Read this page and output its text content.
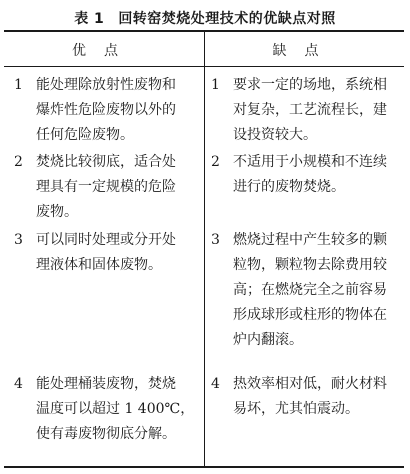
表 1 回转窑焚烧处理技术的优缺点对照
优点	缺点
1 能处理除放射性废物和
爆炸性危险废物以外的
任何危险废物。
1 要求一定的场地，系统相
对复杂，工艺流程长，建
设投资较大。
2 焚烧比较彻底，适合处
理具有一定规模的危险
废物。
2 不适用于小规模和不连续
进行的废物焚烧。
3 可以同时处理或分开处
理液体和固体废物。
3 燃烧过程中产生较多的颗
粒物，颗粒物去除费用较
高；在燃烧完全之前容易
形成球形或柱形的物体在
炉内翻滚。
4 能处理桶装废物，焚烧
温度可以超过 1 400℃，
使有毒废物彻底分解。
4 热效率相对低，耐火材料
易坏，尤其怕震动。
